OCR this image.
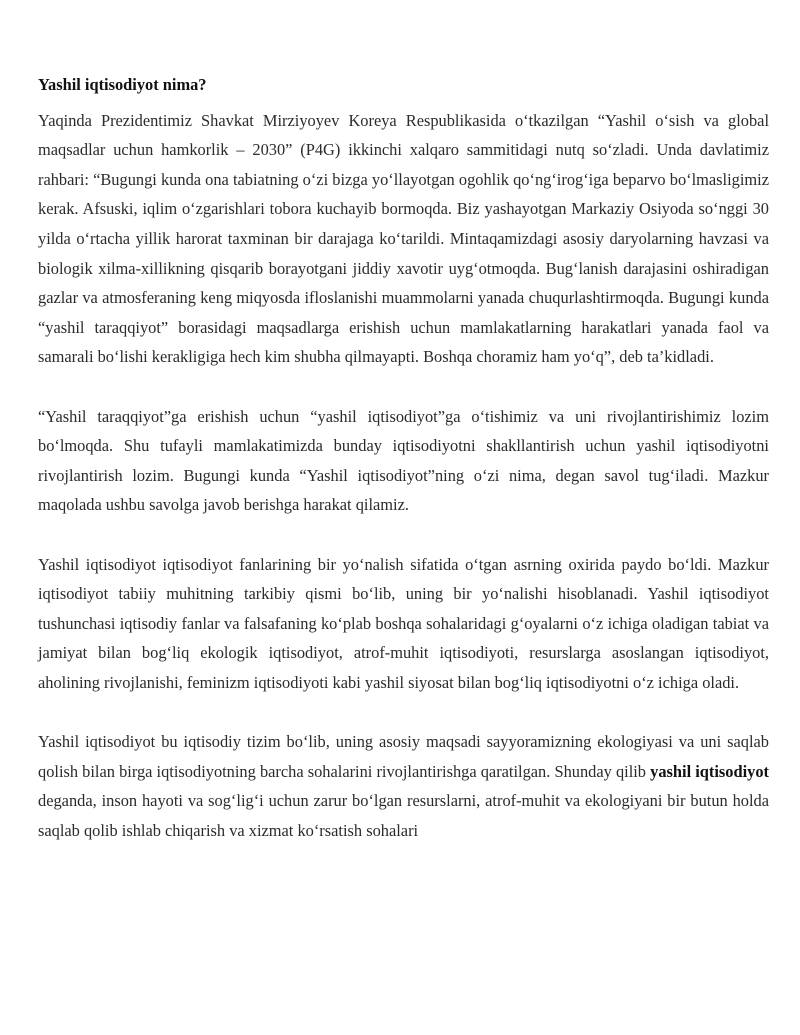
Yashil iqtisodiyot nima?

Yaqinda Prezidentimiz Shavkat Mirziyoyev Koreya Respublikasida o‘tkazilgan “Yashil o‘sish va global maqsadlar uchun hamkorlik – 2030” (P4G) ikkinchi xalqaro sammitidagi nutq so‘zladi. Unda davlatimiz rahbari: “Bugungi kunda ona tabiatning o‘zi bizga yo‘llayotgan ogohlik qo‘ng‘irog‘iga beparvo bo‘lmasligimiz kerak. Afsuski, iqlim o‘zgarishlari tobora kuchayib bormoqda. Biz yashayotgan Markaziy Osiyoda so‘nggi 30 yilda o‘rtacha yillik harorat taxminan bir darajaga ko‘tarildi. Mintaqamizdagi asosiy daryolarning havzasi va biologik xilma-xillikning qisqarib borayotgani jiddiy xavotir uyg‘otmoqda. Bug‘lanish darajasini oshiradigan gazlar va atmosferaning keng miqyosda ifloslanishi muammolarni yanada chuqurlashtirmoqda. Bugungi kunda “yashil taraqqiyot” borasidagi maqsadlarga erishish uchun mamlakatlarning harakatlari yanada faol va samarali bo‘lishi kerakligiga hech kim shubha qilmayapti. Boshqa choramiz ham yo‘q”, deb ta’kidladi.

“Yashil taraqqiyot”ga erishish uchun “yashil iqtisodiyot”ga o‘tishimiz va uni rivojlantirishimiz lozim bo‘lmoqda. Shu tufayli mamlakatimizda bunday iqtisodiyotni shakllantirish uchun yashil iqtisodiyotni rivojlantirish lozim. Bugungi kunda “Yashil iqtisodiyot”ning o‘zi nima, degan savol tug‘iladi. Mazkur maqolada ushbu savolga javob berishga harakat qilamiz.

Yashil iqtisodiyot iqtisodiyot fanlarining bir yo‘nalish sifatida o‘tgan asrning oxirida paydo bo‘ldi. Mazkur iqtisodiyot tabiiy muhitning tarkibiy qismi bo‘lib, uning bir yo‘nalishi hisoblanadi. Yashil iqtisodiyot tushunchasi iqtisodiy fanlar va falsafaning ko‘plab boshqa sohalaridagi g‘oyalarni o‘z ichiga oladigan tabiat va jamiyat bilan bog‘liq ekologik iqtisodiyot, atrof-muhit iqtisodiyoti, resurslarga asoslangan iqtisodiyot, aholining rivojlanishi, feminizm iqtisodiyoti kabi yashil siyosat bilan bog‘liq iqtisodiyotni o‘z ichiga oladi.

Yashil iqtisodiyot bu iqtisodiy tizim bo‘lib, uning asosiy maqsadi sayyoramizning ekologiyasi va uni saqlab qolish bilan birga iqtisodiyotning barcha sohalarini rivojlantirishga qaratilgan. Shunday qilib yashil iqtisodiyot deganda, inson hayoti va sog‘lig‘i uchun zarur bo‘lgan resurslarni, atrof-muhit va ekologiyani bir butun holda saqlab qolib ishlab chiqarish va xizmat ko‘rsatish sohalari
